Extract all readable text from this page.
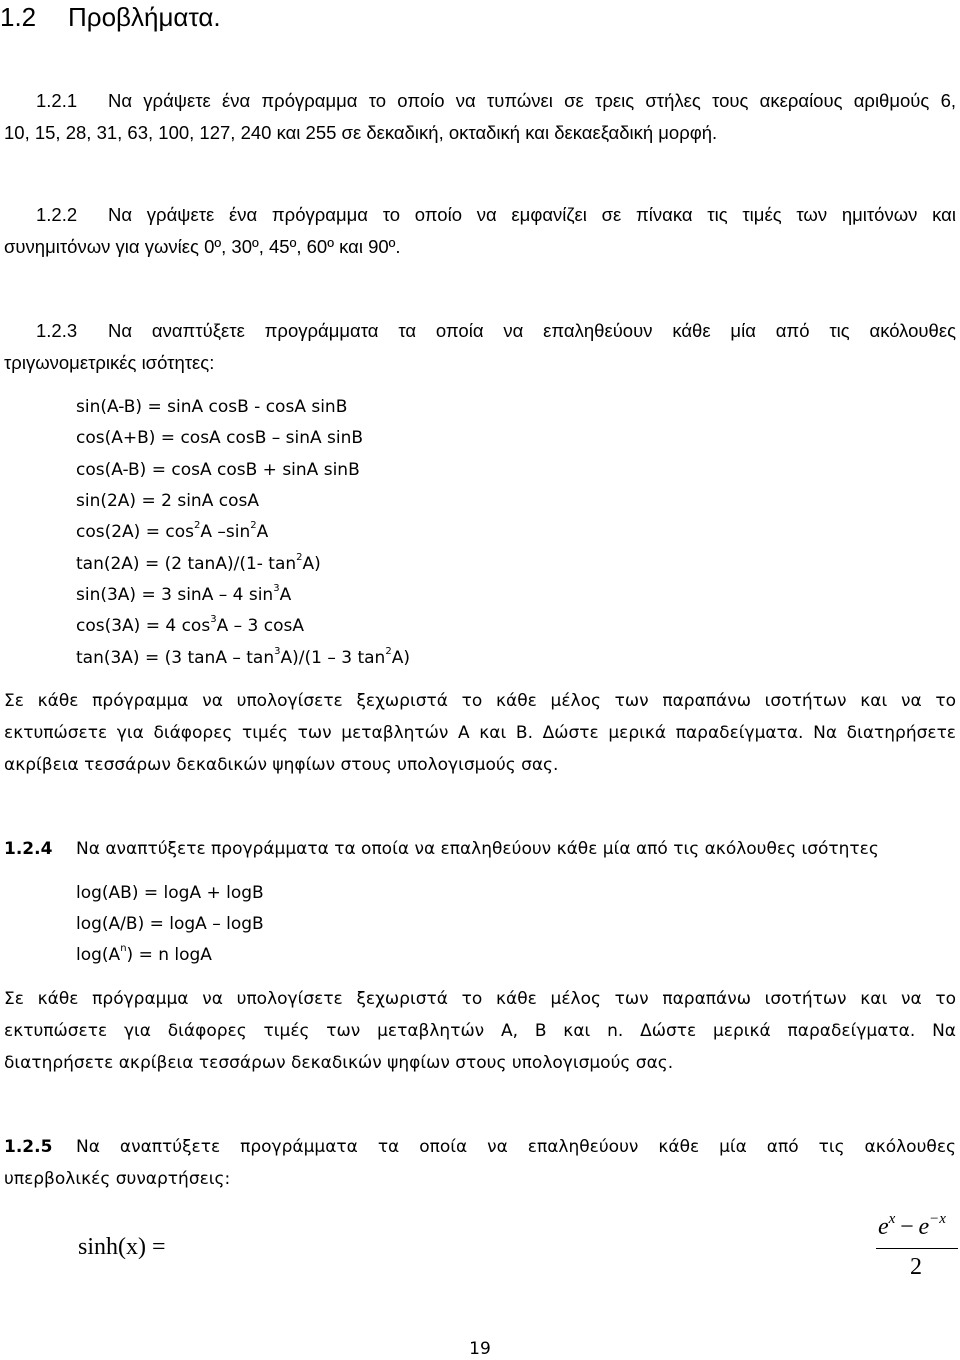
1.2 Προβλήματα.
1.2.1	Να γράψετε ένα πρόγραμμα το οποίο να τυπώνει σε τρεις στήλες τους ακεραίους αριθμούς 6,
10, 15, 28, 31, 63, 100, 127, 240 και 255 σε δεκαδική, οκταδική και δεκαεξαδική μορφή.
1.2.2	Να γράψετε ένα πρόγραμμα το οποίο να εμφανίζει σε πίνακα τις τιμές των ημιτόνων και
συνημιτόνων για γωνίες 0º, 30º, 45º, 60º και 90º.
1.2.3	Να αναπτύξετε προγράμματα τα οποία να επαληθεύουν κάθε μία από τις ακόλουθες
τριγωνομετρικές ισότητες:
sin(A-B) = sinA cosB - cosA sinB
cos(A+B) = cosA cosB – sinA sinB
cos(A-B) = cosA cosB + sinA sinB
sin(2A) = 2 sinA cosA
$\cos(2A) = \cos^2A$ $-\sin^2A$
tan(2A) = (2 tanA)/(1- $\tan^2A$)
sin(3A) = 3 sinA – 4 $\sin^3A$
cos(3A) = 4 $\cos^3A - 3$ cosA
tan(3A) = (3 tanA – $\tan^3A)/(1 - 3$ $\tan^2A$)
Σε κάθε πρόγραμμα να υπολογίσετε ξεχωριστά το κάθε μέλος των παραπάνω ισοτήτων και να το
εκτυπώσετε για διάφορες τιμές των μεταβλητών Α και Β. Δώστε μερικά παραδείγματα. Να διατηρήσετε
ακρίβεια τεσσάρων δεκαδικών ψηφίων στους υπολογισμούς σας.
1.2.4 Να αναπτύξετε προγράμματα τα οποία να επαληθεύουν κάθε μία από τις ακόλουθες ισότητες
log(AB) = logA + logB
log(A/B) = logA – logB
$\log(A^n) = n$ logA
Σε κάθε πρόγραμμα να υπολογίσετε ξεχωριστά το κάθε μέλος των παραπάνω ισοτήτων και να το
εκτυπώσετε για διάφορες τιμές των μεταβλητών Α, Β και n. Δώστε μερικά παραδείγματα. Να
διατηρήσετε ακρίβεια τεσσάρων δεκαδικών ψηφίων στους υπολογισμούς σας.
1.2.5 Να αναπτύξετε προγράμματα τα οποία να επαληθεύουν κάθε μία από τις ακόλουθες
υπερβολικές συναρτήσεις:
sinh(x) =
$e^x - e^{-x}$
2
19
